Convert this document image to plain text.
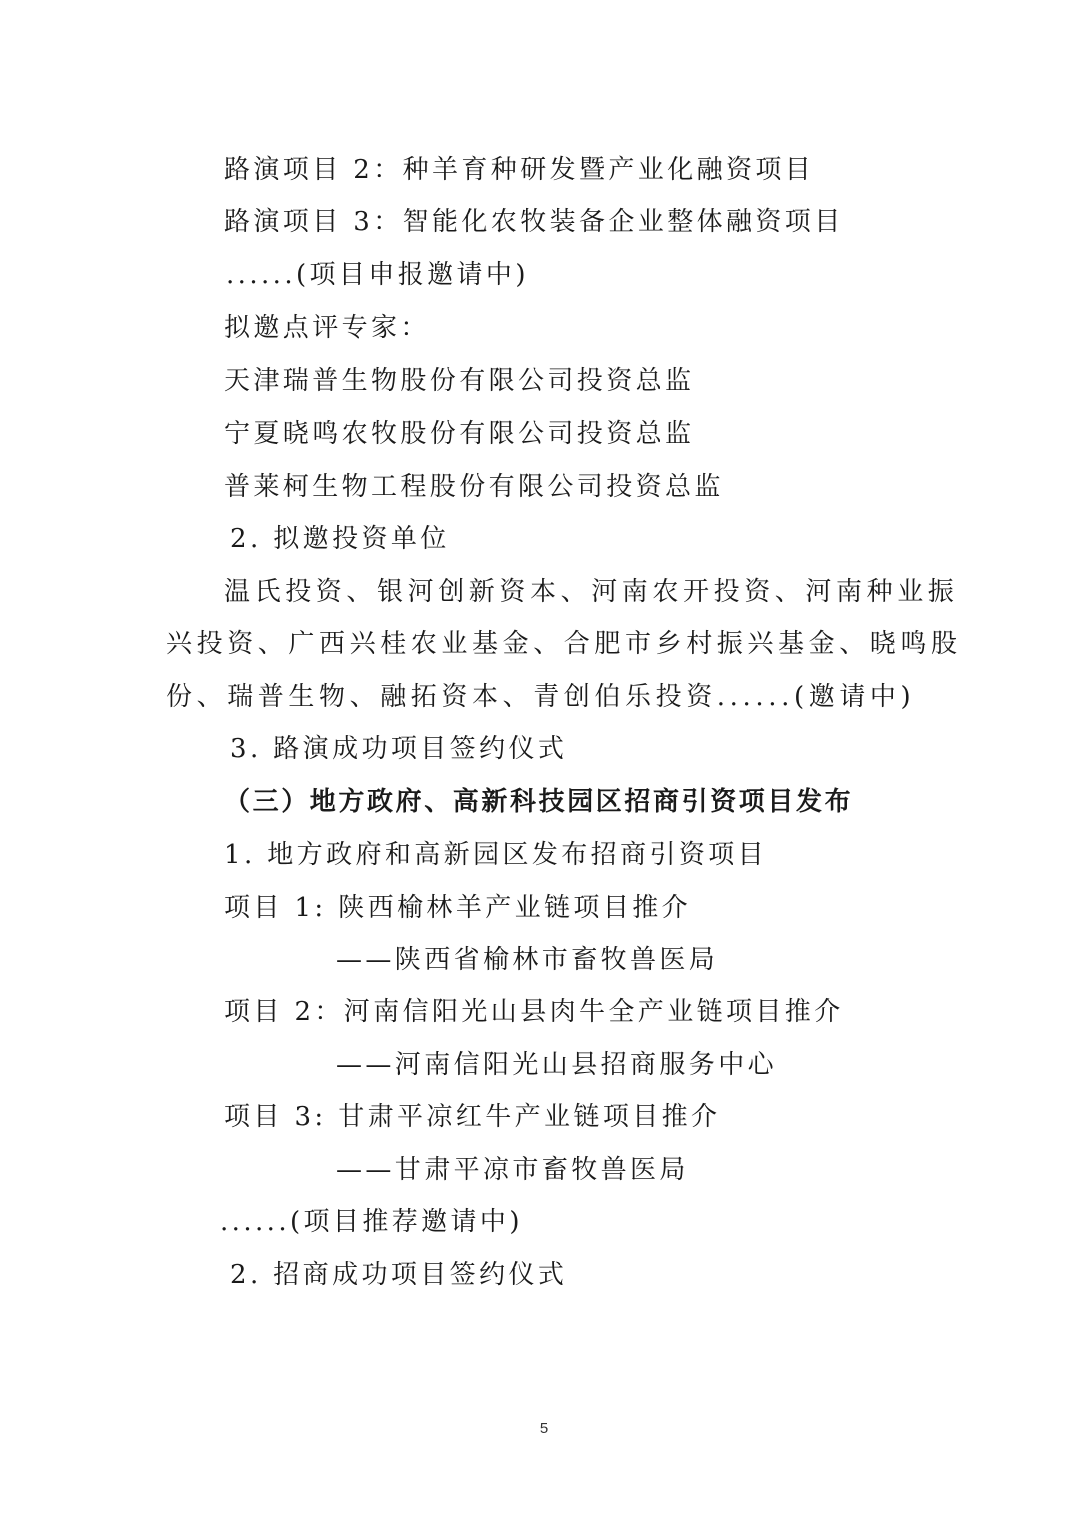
路演项目 2：种羊育种研发暨产业化融资项目
路演项目 3：智能化农牧装备企业整体融资项目
......(项目申报邀请中)
拟邀点评专家：
天津瑞普生物股份有限公司投资总监
宁夏晓鸣农牧股份有限公司投资总监
普莱柯生物工程股份有限公司投资总监
2. 拟邀投资单位
温氏投资、银河创新资本、河南农开投资、河南种业振
兴投资、广西兴桂农业基金、合肥市乡村振兴基金、晓鸣股
份、瑞普生物、融拓资本、青创伯乐投资......(邀请中)
3. 路演成功项目签约仪式
（三）地方政府、高新科技园区招商引资项目发布
1. 地方政府和高新园区发布招商引资项目
项目 1: 陕西榆林羊产业链项目推介
——陕西省榆林市畜牧兽医局
项目 2：河南信阳光山县肉牛全产业链项目推介
——河南信阳光山县招商服务中心
项目 3: 甘肃平凉红牛产业链项目推介
——甘肃平凉市畜牧兽医局
......(项目推荐邀请中)
2. 招商成功项目签约仪式
5
